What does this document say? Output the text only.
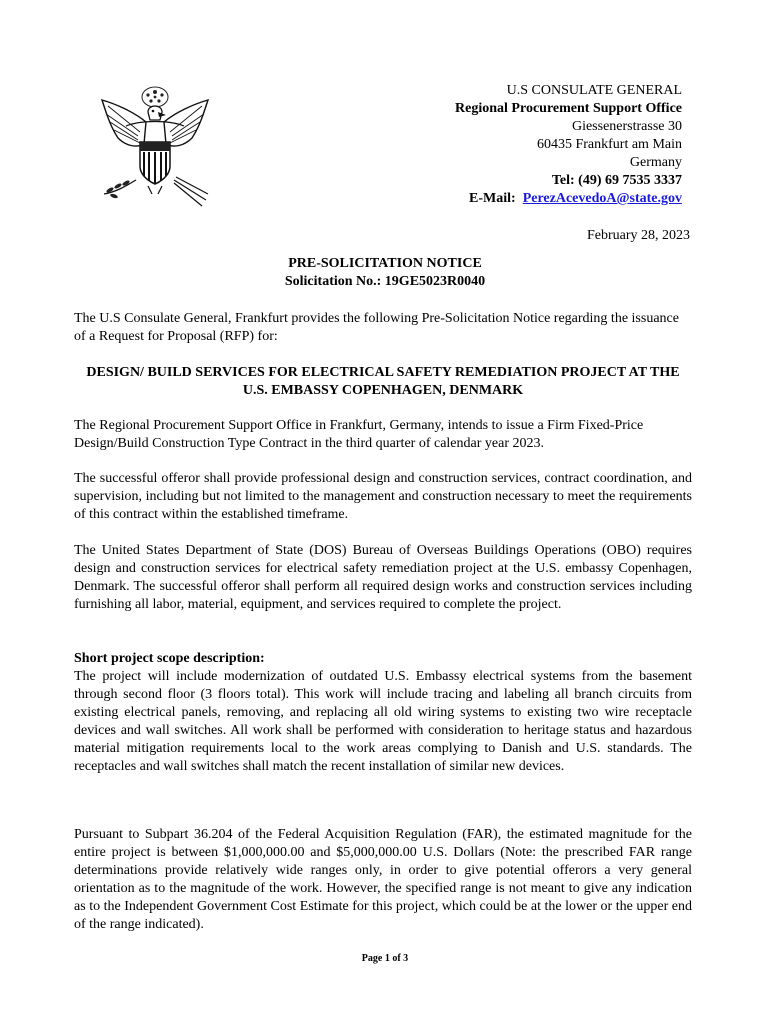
U.S CONSULATE GENERAL
Regional Procurement Support Office
Giessenerstrasse 30
60435 Frankfurt am Main
Germany
Tel: (49) 69 7535 3337
E-Mail: PerezAcevedoA@state.gov
February 28, 2023
PRE-SOLICITATION NOTICE
Solicitation No.: 19GE5023R0040

The U.S Consulate General, Frankfurt provides the following Pre-Solicitation Notice regarding the issuance of a Request for Proposal (RFP) for:

DESIGN/ BUILD SERVICES FOR ELECTRICAL SAFETY REMEDIATION PROJECT AT THE U.S. EMBASSY COPENHAGEN, DENMARK

The Regional Procurement Support Office in Frankfurt, Germany, intends to issue a Firm Fixed-Price Design/Build Construction Type Contract in the third quarter of calendar year 2023.

The successful offeror shall provide professional design and construction services, contract coordination, and supervision, including but not limited to the management and construction necessary to meet the requirements of this contract within the established timeframe.

The United States Department of State (DOS) Bureau of Overseas Buildings Operations (OBO) requires design and construction services for electrical safety remediation project at the U.S. embassy Copenhagen, Denmark. The successful offeror shall perform all required design works and construction services including furnishing all labor, material, equipment, and services required to complete the project.

Short project scope description:

The project will include modernization of outdated U.S. Embassy electrical systems from the basement through second floor (3 floors total). This work will include tracing and labeling all branch circuits from existing electrical panels, removing, and replacing all old wiring systems to existing two wire receptacle devices and wall switches. All work shall be performed with consideration to heritage status and hazardous material mitigation requirements local to the work areas complying to Danish and U.S. standards. The receptacles and wall switches shall match the recent installation of similar new devices.

Pursuant to Subpart 36.204 of the Federal Acquisition Regulation (FAR), the estimated magnitude for the entire project is between $1,000,000.00 and $5,000,000.00 U.S. Dollars (Note: the prescribed FAR range determinations provide relatively wide ranges only, in order to give potential offerors a very general orientation as to the magnitude of the work. However, the specified range is not meant to give any indication as to the Independent Government Cost Estimate for this project, which could be at the lower or the upper end of the range indicated).

Page 1 of 3
